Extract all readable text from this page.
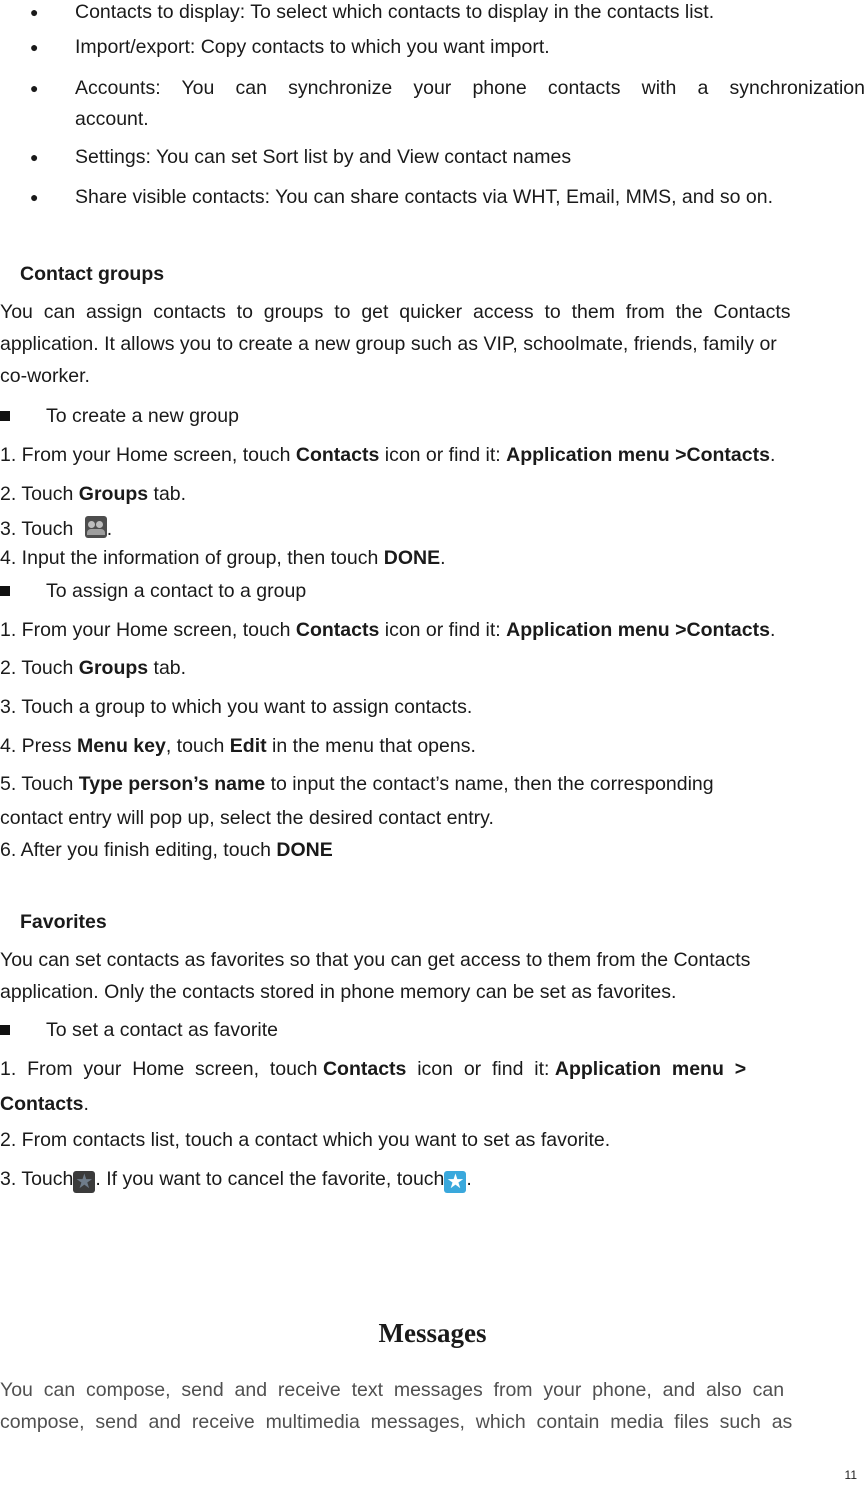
● Contacts to display: To select which contacts to display in the contacts list.
● Import/export: Copy contacts to which you want import.
● Accounts:  You  can  synchronize  your  phone  contacts  with  a  synchronization
account.
● Settings: You can set Sort list by and View contact names
● Share visible contacts: You can share contacts via WHT, Email, MMS, and so on.
Contact groups
You  can  assign  contacts  to  groups  to  get  quicker  access  to  them  from  the  Contacts
application. It allows you to create a new group such as VIP, schoolmate, friends, family or
co-worker.
To create a new group
1. From your Home screen, touch Contacts icon or find it: Application menu >Contacts.
2. Touch Groups tab.
3. Touch .
4. Input the information of group, then touch DONE.
To assign a contact to a group
1. From your Home screen, touch Contacts icon or find it: Application menu >Contacts.
2. Touch Groups tab.
3. Touch a group to which you want to assign contacts.
4. Press Menu key, touch Edit in the menu that opens.
5. Touch Type person’s name to input the contact’s name, then the corresponding
contact entry will pop up, select the desired contact entry.
6. After you finish editing, touch DONE
Favorites
You can set contacts as favorites so that you can get access to them from the Contacts
application. Only the contacts stored in phone memory can be set as favorites.
To set a contact as favorite
1.  From  your  Home  screen,  touch Contacts  icon  or  find  it: Application  menu  >
Contacts.
2. From contacts list, touch a contact which you want to set as favorite.
3. Touch ★ . If you want to cancel the favorite, touch ★ .
Messages
You  can  compose,  send  and  receive  text  messages  from  your  phone,  and  also  can
compose,  send  and  receive  multimedia  messages,  which  contain  media  files  such  as
11
